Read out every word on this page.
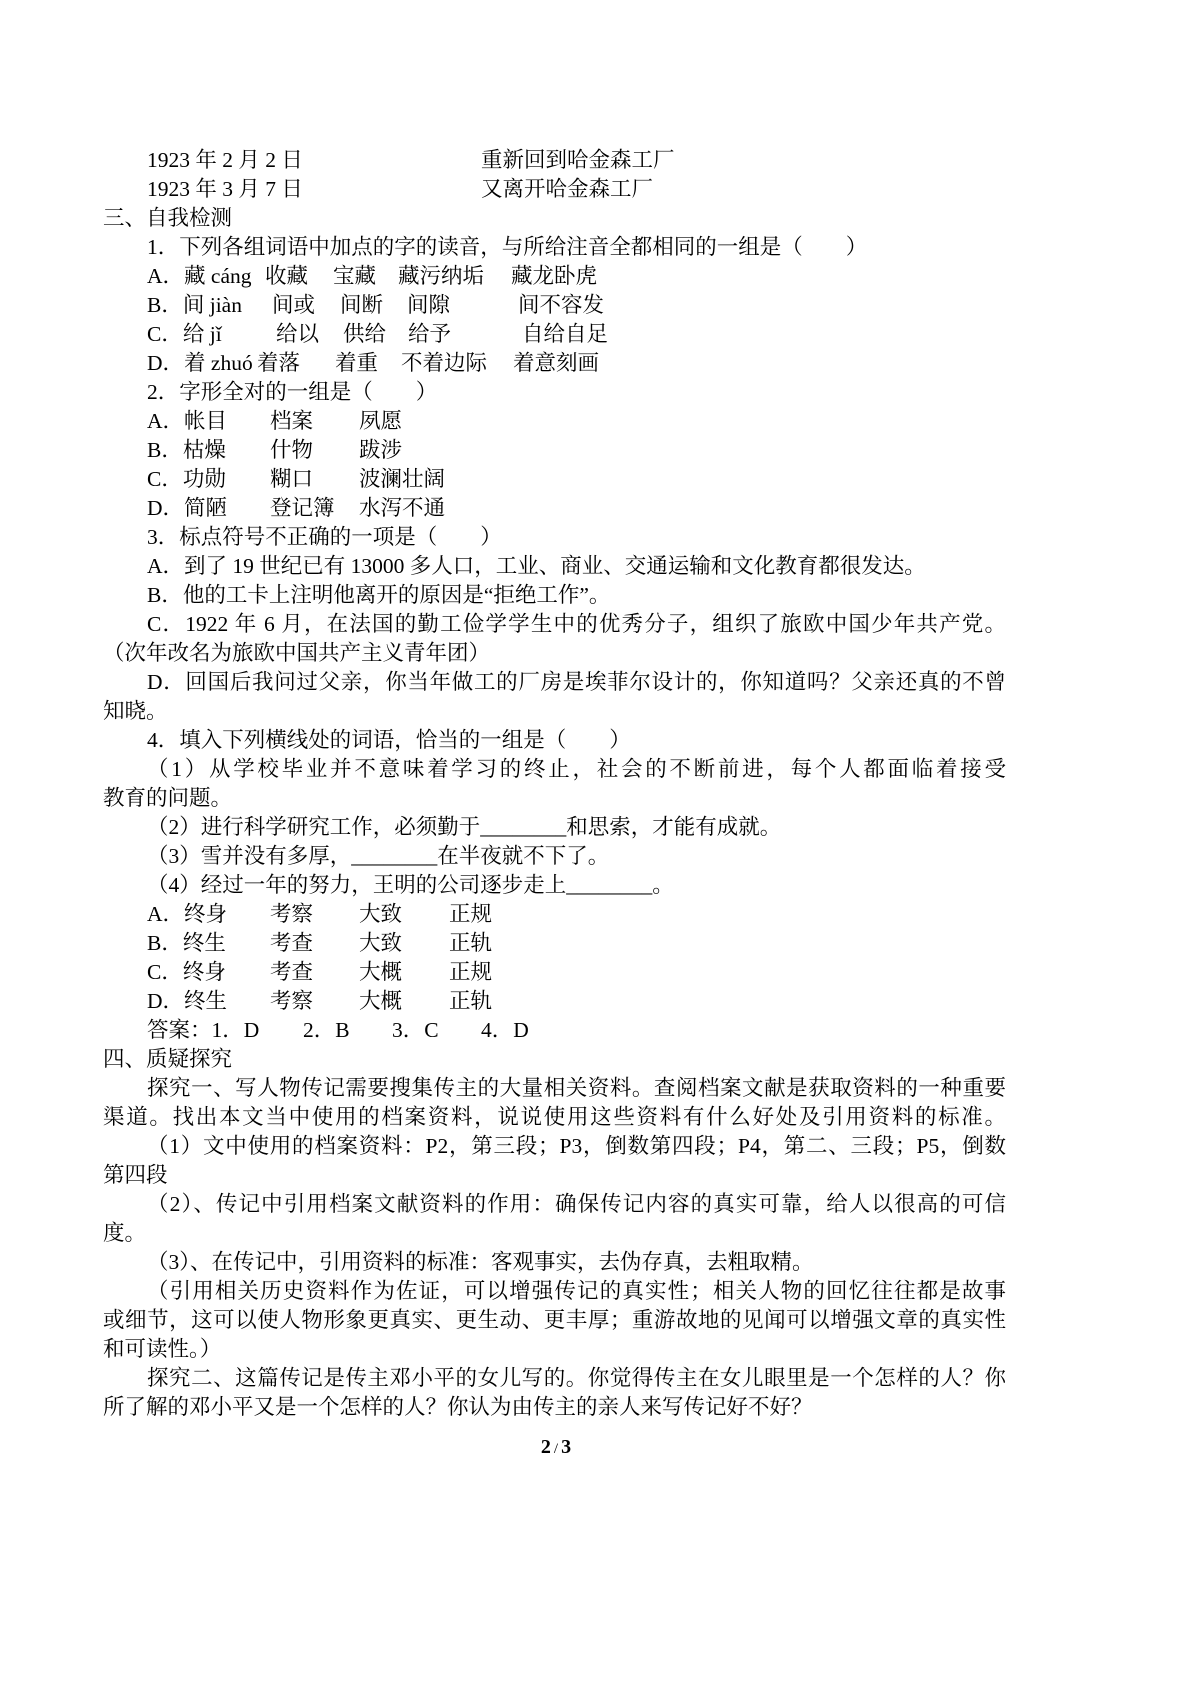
1923 年 2 月 2 日	重新回到哈金森工厂
1923 年 3 月 7 日	又离开哈金森工厂
三、自我检测
1．下列各组词语中加点的字的读音，与所给注音全都相同的一组是（　　）
A．藏 cáng 收藏 宝藏 藏污纳垢 藏龙卧虎
B．间 jiàn 间或 间断 间隙	间不容发
C．给 jǐ	给以 供给 给予	自给自足
D．着 zhuó 着落 着重 不着边际 着意刻画
2．字形全对的一组是（　　）
A．帐目 档案 夙愿
B．枯燥 什物 跋涉
C．功勋 糊口 波澜壮阔
D．简陋 登记簿 水泻不通
3．标点符号不正确的一项是（　　）
A．到了 19 世纪已有 13000 多人口，工业、商业、交通运输和文化教育都很发达。
B．他的工卡上注明他离开的原因是“拒绝工作”。
C．1922 年 6 月，在法国的勤工俭学学生中的优秀分子，组织了旅欧中国少年共产党。
（次年改名为旅欧中国共产主义青年团）
D．回国后我问过父亲，你当年做工的厂房是埃菲尔设计的，你知道吗？父亲还真的不曾
知晓。
4．填入下列横线处的词语，恰当的一组是（　　）
（1）从学校毕业并不意味着学习的终止，社会的不断前进，每个人都面临着接受
教育的问题。
（2）进行科学研究工作，必须勤于________和思索，才能有成就。
（3）雪并没有多厚，________在半夜就不下了。
（4）经过一年的努力，王明的公司逐步走上________。
A．终身 考察 大致 正规
B．终生 考查 大致 正轨
C．终身 考查 大概 正规
D．终生 考察 大概 正轨
答案：1．D 2．B 3．C 4．D
四、质疑探究
探究一、写人物传记需要搜集传主的大量相关资料。查阅档案文献是获取资料的一种重要
渠道。找出本文当中使用的档案资料，说说使用这些资料有什么好处及引用资料的标准。
（1）文中使用的档案资料：P2，第三段；P3，倒数第四段；P4，第二、三段；P5，倒数
第四段
（2）、传记中引用档案文献资料的作用：确保传记内容的真实可靠，给人以很高的可信
度。
（3）、在传记中，引用资料的标准：客观事实，去伪存真，去粗取精。
（引用相关历史资料作为佐证，可以增强传记的真实性；相关人物的回忆往往都是故事
或细节，这可以使人物形象更真实、更生动、更丰厚；重游故地的见闻可以增强文章的真实性
和可读性。）
探究二、这篇传记是传主邓小平的女儿写的。你觉得传主在女儿眼里是一个怎样的人？你
所了解的邓小平又是一个怎样的人？你认为由传主的亲人来写传记好不好？
2 / 3
